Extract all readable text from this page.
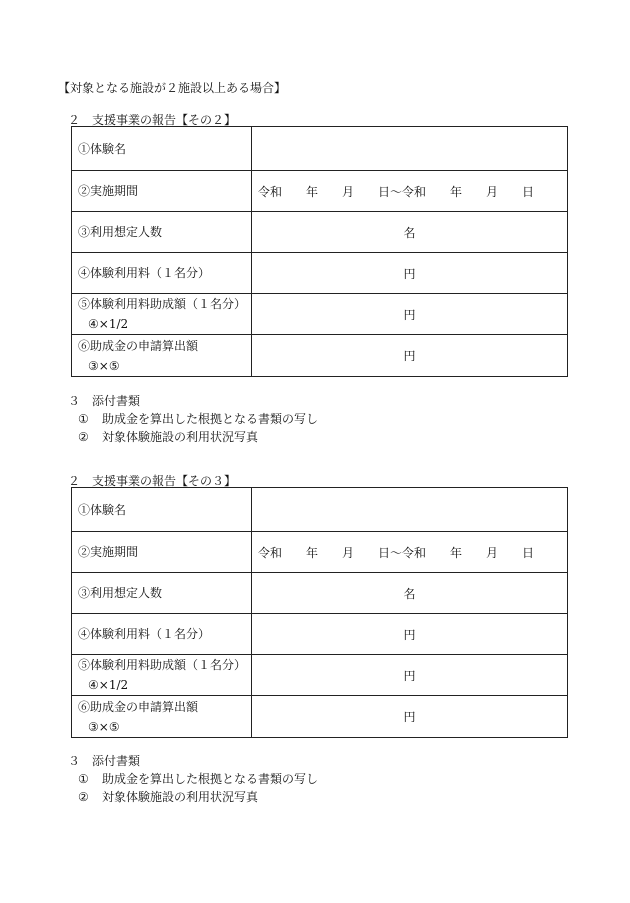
【対象となる施設が２施設以上ある場合】
２　支援事業の報告【その２】
①体験名	
②実施期間	令和　　年　　月　　日～令和　　年　　月　　日
③利用想定人数	名
④体験利用料（１名分）	円

⑤体験利用料助成額（１名分）
④×1/2	円

⑥助成金の申請算出額
③×⑤	円
３　添付書類
① 助成金を算出した根拠となる書類の写し
② 対象体験施設の利用状況写真
２　支援事業の報告【その３】
①体験名	
②実施期間	令和　　年　　月　　日～令和　　年　　月　　日
③利用想定人数	名
④体験利用料（１名分）	円

⑤体験利用料助成額（１名分）
④×1/2	円

⑥助成金の申請算出額
③×⑤	円
３　添付書類
① 助成金を算出した根拠となる書類の写し
② 対象体験施設の利用状況写真
